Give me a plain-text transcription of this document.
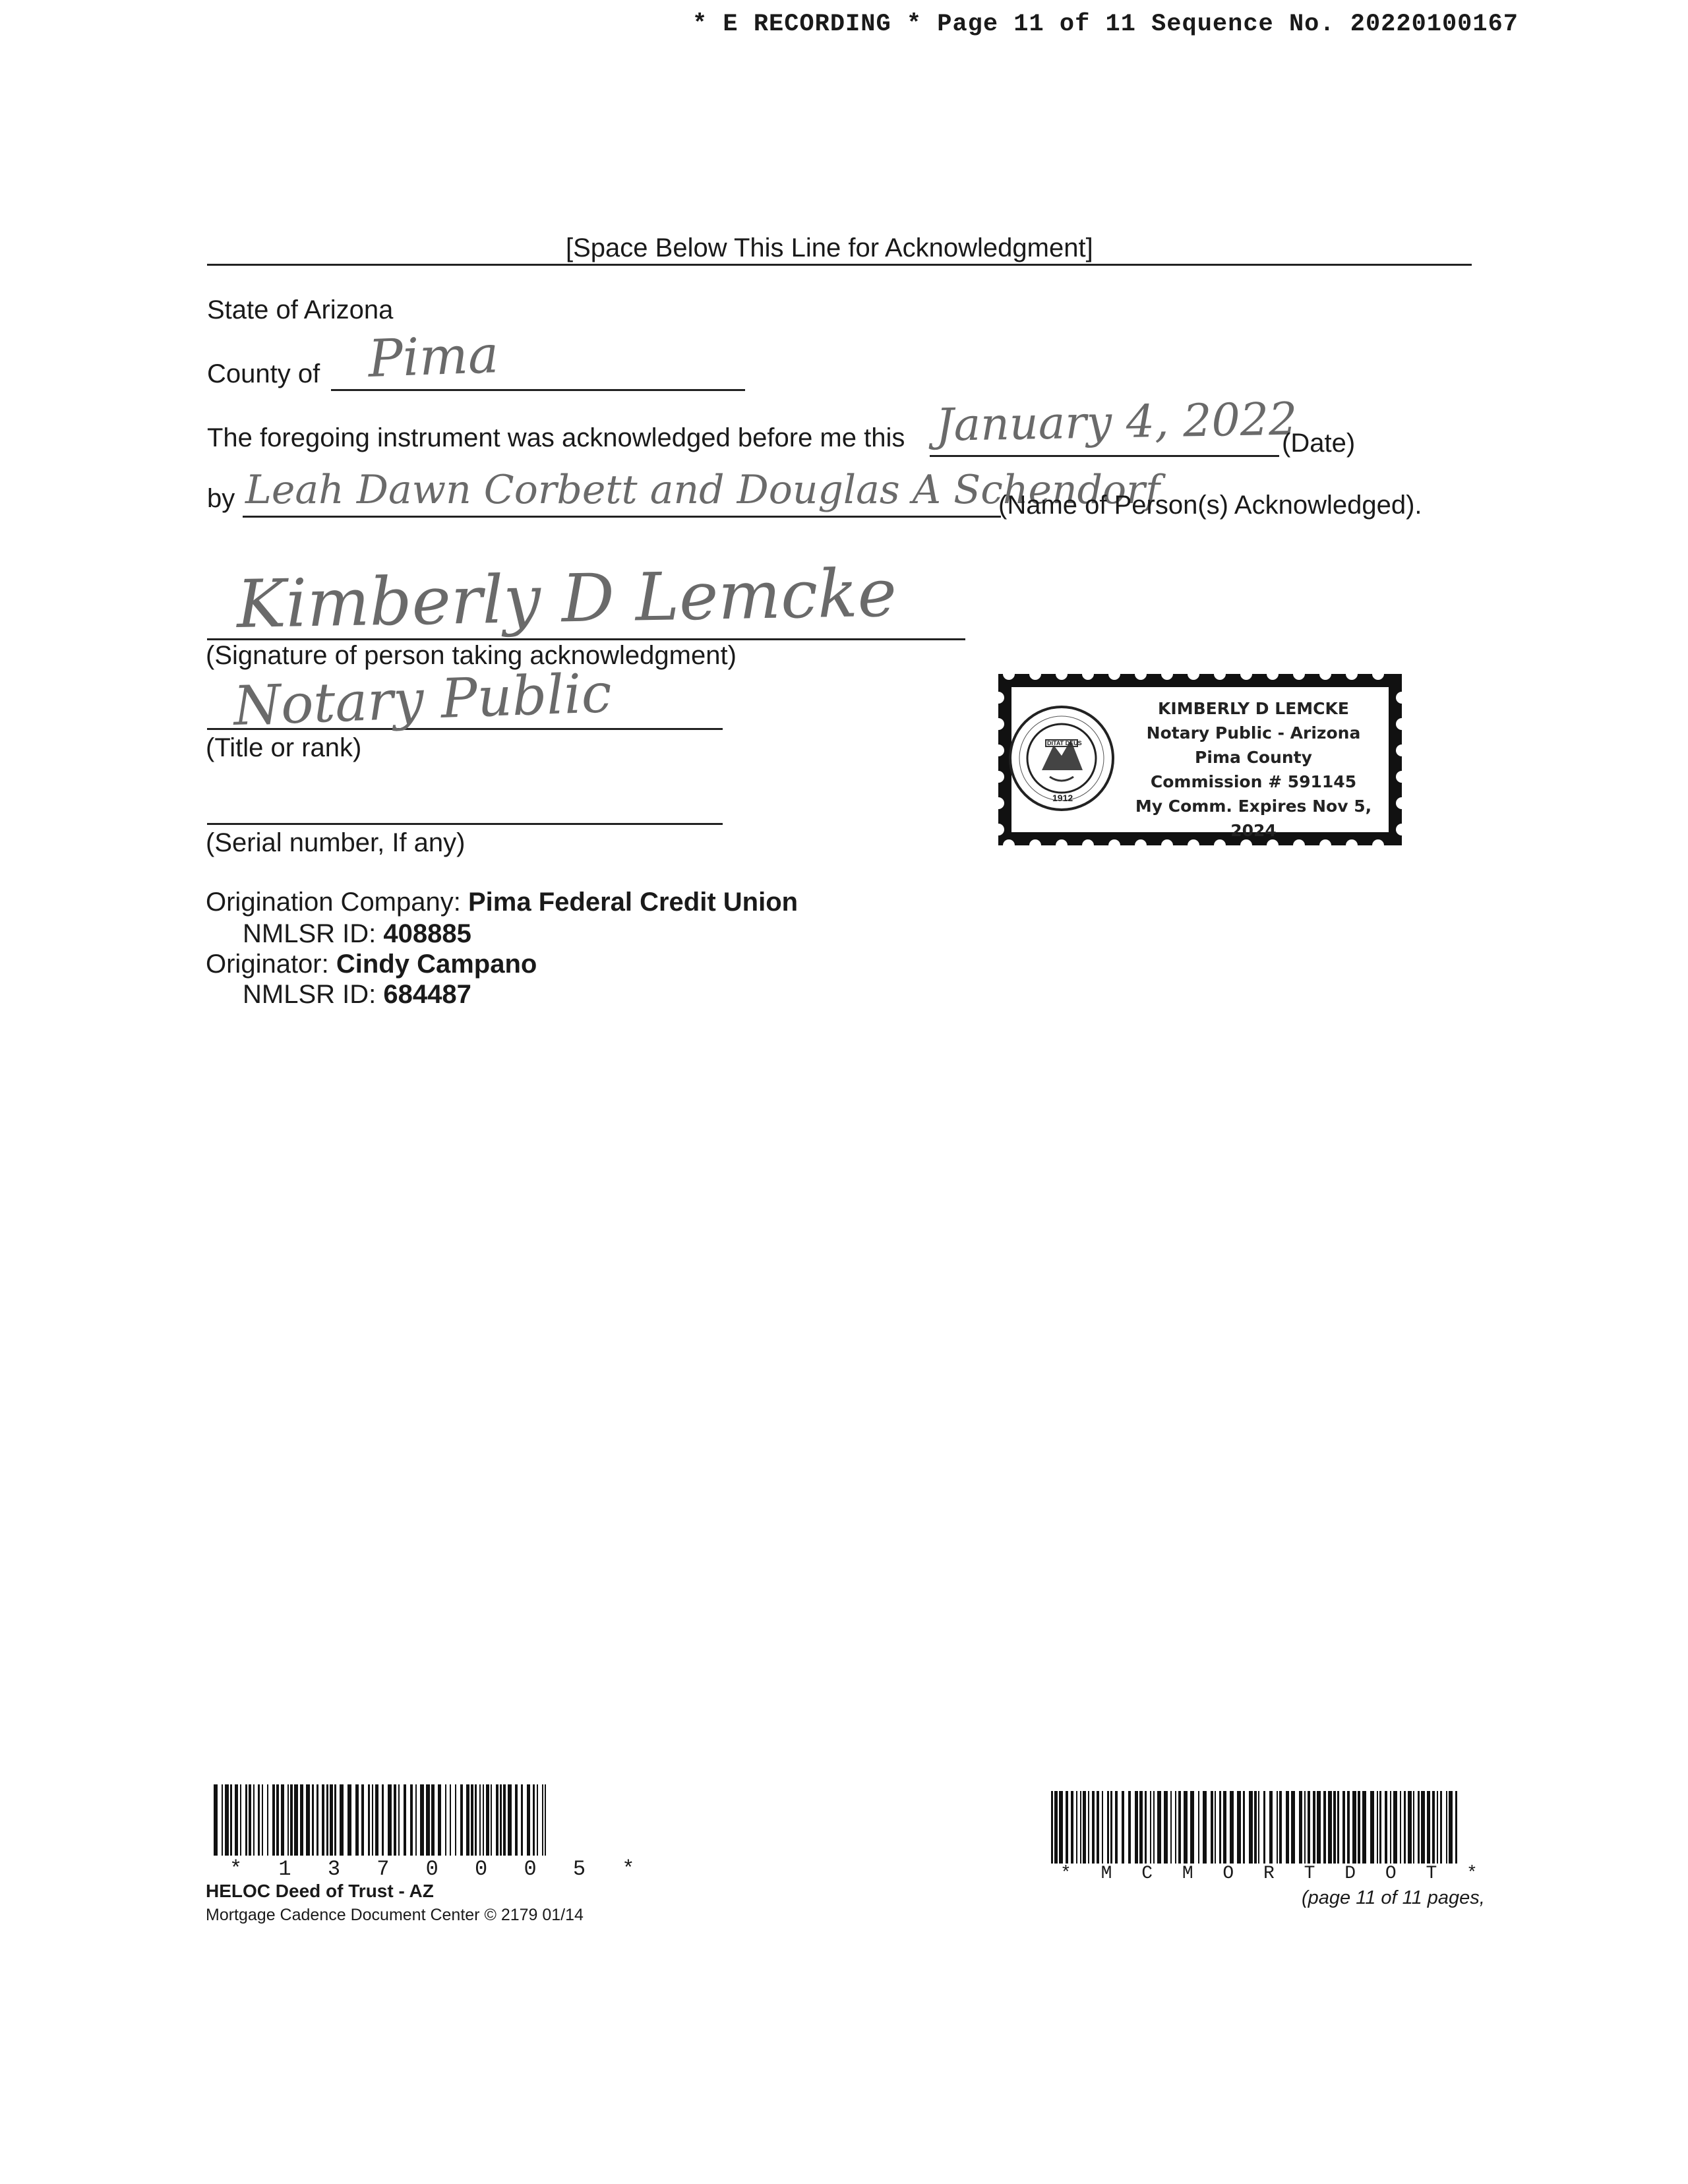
* E RECORDING * Page 11 of 11 Sequence No. 20220100167
[Space Below This Line for Acknowledgment]
State of Arizona
County of Pima
The foregoing instrument was acknowledged before me this January 4, 2022
(Date)
by Leah Dawn Corbett and Douglas A Schendorf
(Name of Person(s) Acknowledged).
Kimberly D Lemcke
(Signature of person taking acknowledgment)
Notary Public
(Title or rank)
(Serial number, If any)
DITAT DEUS
1912
KIMBERLY D LEMCKE
Notary Public - Arizona
Pima County
Commission # 591145
My Comm. Expires Nov 5, 2024
Origination Company: Pima Federal Credit Union
NMLSR ID: 408885
Originator: Cindy Campano
NMLSR ID: 684487
* 1 3 7 0 0 0 5 *
HELOC Deed of Trust - AZ
Mortgage Cadence Document Center © 2179 01/14
* M C M O R T D O T *
(page 11 of 11 pages,
